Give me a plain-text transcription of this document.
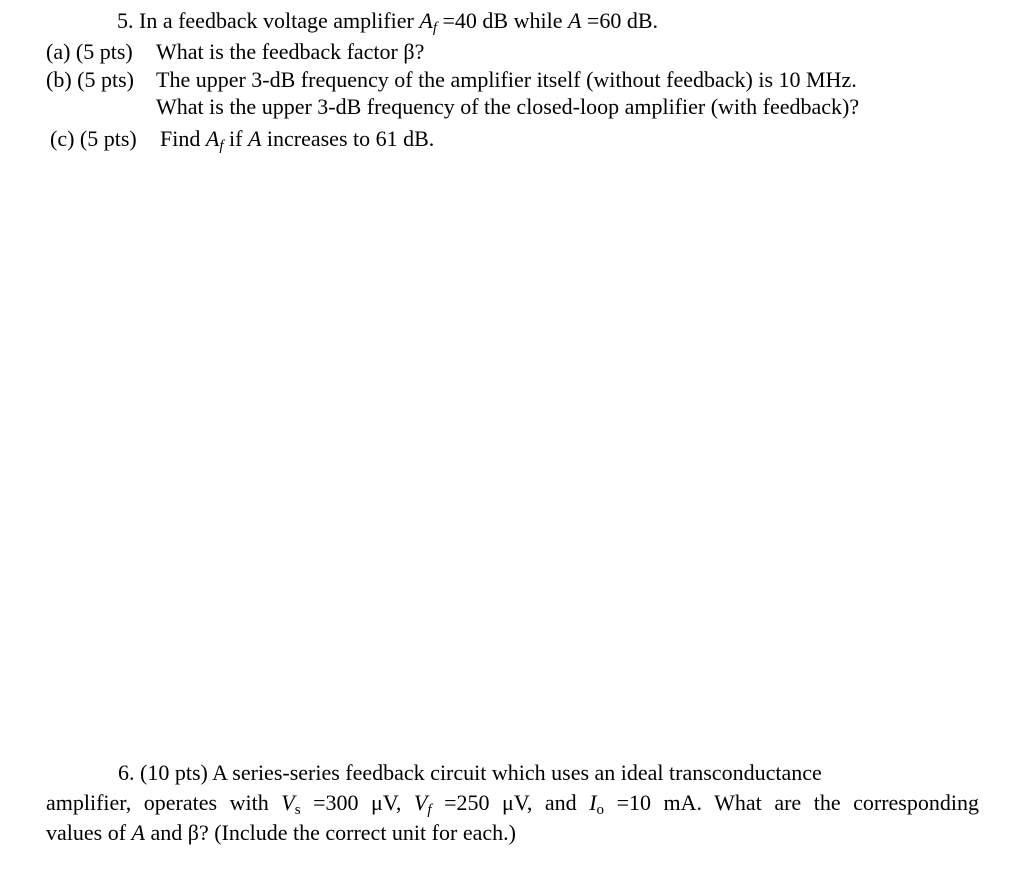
5. In a feedback voltage amplifier $A_f =40$ dB while A =60 dB.
(a) (5 pts) What is the feedback factor β?
(b) (5 pts) The upper 3-dB frequency of the amplifier itself (without feedback) is 10 MHz.
What is the upper 3-dB frequency of the closed-loop amplifier (with feedback)?
(c) (5 pts) Find $A_f$ if A increases to 61 dB.
6. (10 pts) A series-series feedback circuit which uses an ideal transconductance
amplifier, operates with $V_s =300$ μV, $V_f =250$ μV, and $I_o =10$ mA. What are the corresponding
values of A and β? (Include the correct unit for each.)
